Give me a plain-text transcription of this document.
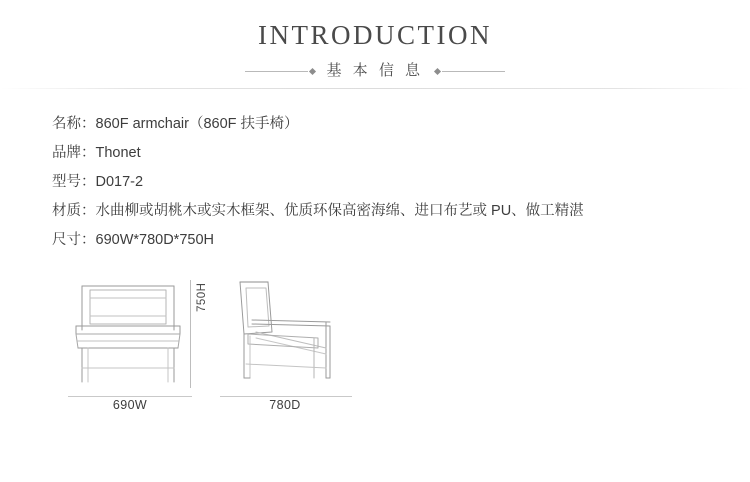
INTRODUCTION
基 本 信 息
名称：860F armchair（860F 扶手椅）
品牌：Thonet
型号：D017-2
材质：水曲柳或胡桃木或实木框架、优质环保高密海绵、进口布艺或 PU、做工精湛
尺寸：690W*780D*750H
750H
690W	780D
